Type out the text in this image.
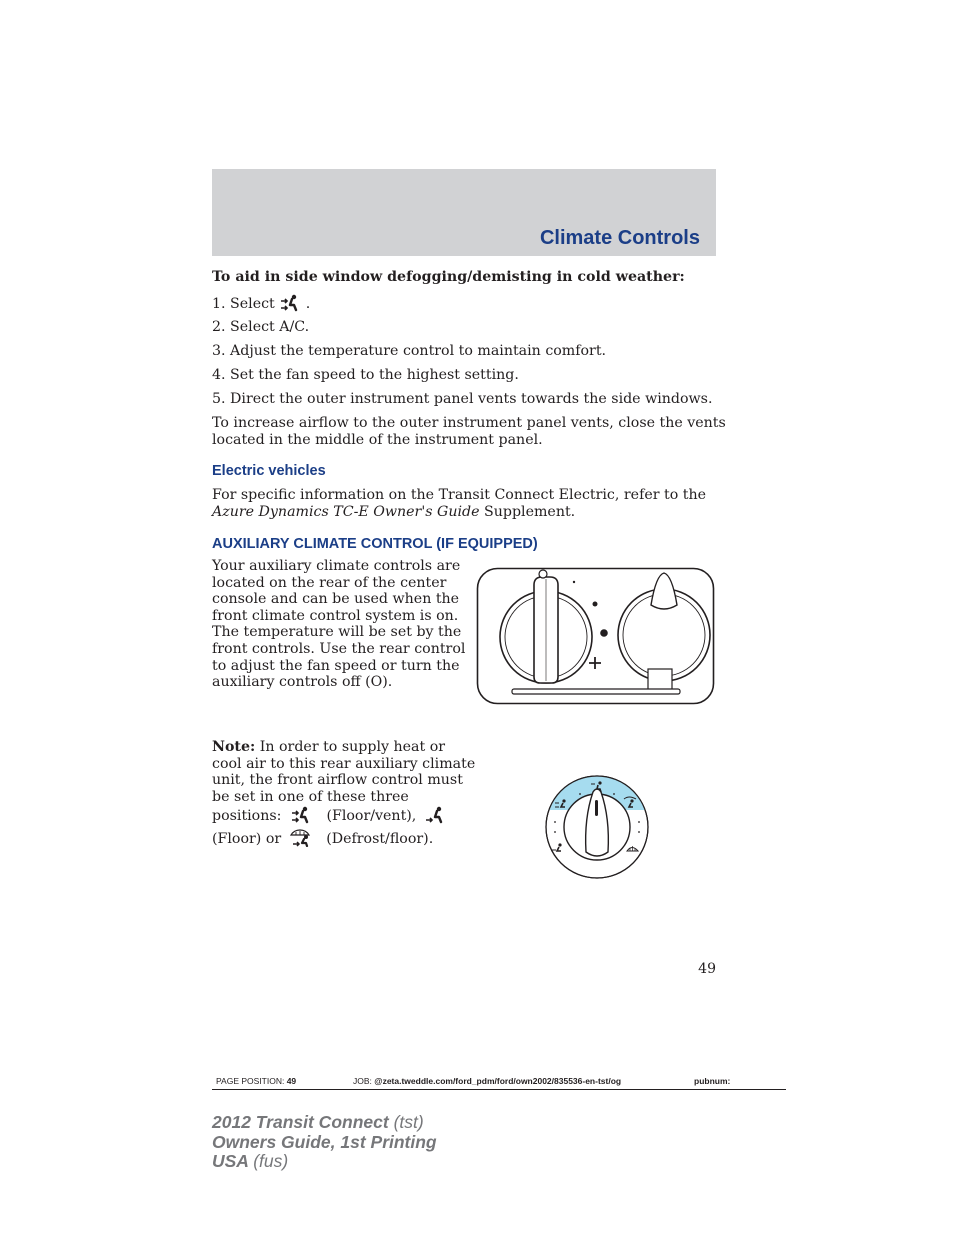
Climate Controls
To aid in side window defogging/demisting in cold weather:
1. Select .
2. Select A/C.
3. Adjust the temperature control to maintain comfort.
4. Set the fan speed to the highest setting.
5. Direct the outer instrument panel vents towards the side windows.
To increase airflow to the outer instrument panel vents, close the vents
located in the middle of the instrument panel.
Electric vehicles
For specific information on the Transit Connect Electric, refer to the
Azure Dynamics TC-E Owner's Guide Supplement.
AUXILIARY CLIMATE CONTROL (IF EQUIPPED)
Your auxiliary climate controls are
located on the rear of the center
console and can be used when the
front climate control system is on.
The temperature will be set by the
front controls. Use the rear control
to adjust the fan speed or turn the
auxiliary controls off (O).
Note: In order to supply heat or
cool air to this rear auxiliary climate
unit, the front airflow control must
be set in one of these three
positions:	(Floor/vent),
(Floor) or	(Defrost/floor).
49
PAGE POSITION: 49	JOB: @zeta.tweddle.com/ford_pdm/ford/own2002/835536-en-tst/og	pubnum:
2012 Transit Connect (tst)
Owners Guide, 1st Printing
USA (fus)
